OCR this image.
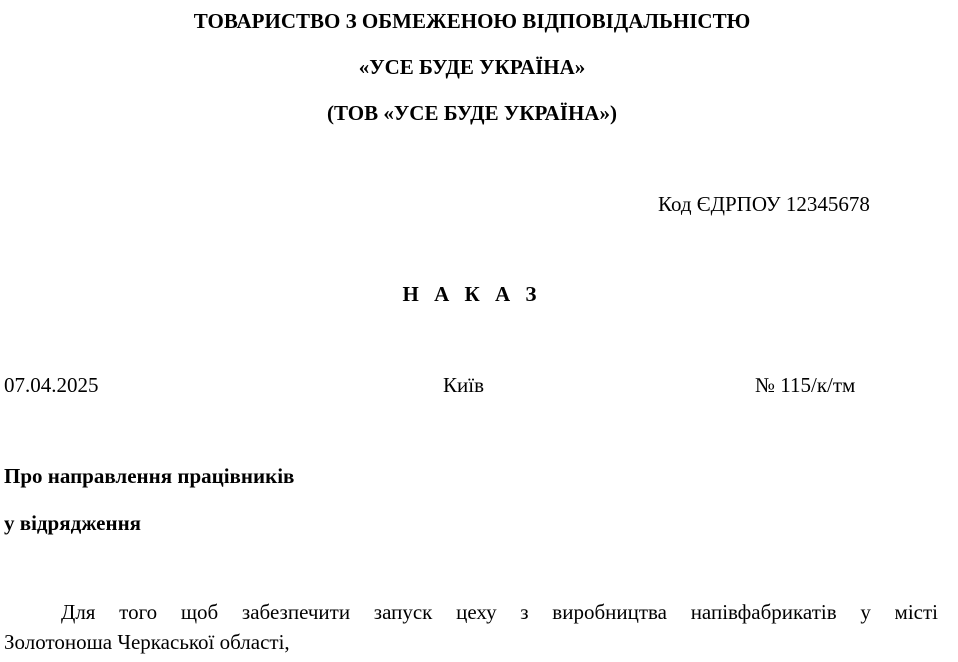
ТОВАРИСТВО З ОБМЕЖЕНОЮ ВІДПОВІДАЛЬНІСТЮ
«УСЕ БУДЕ УКРАЇНА»
(ТОВ «УСЕ БУДЕ УКРАЇНА»)
Код ЄДРПОУ 12345678
Н А К А З
07.04.2025	Київ	№ 115/к/тм
Про направлення працівників
у відрядження
Для того щоб забезпечити запуск цеху з виробництва напівфабрикатів у місті
Золотоноша Черкаської області,
